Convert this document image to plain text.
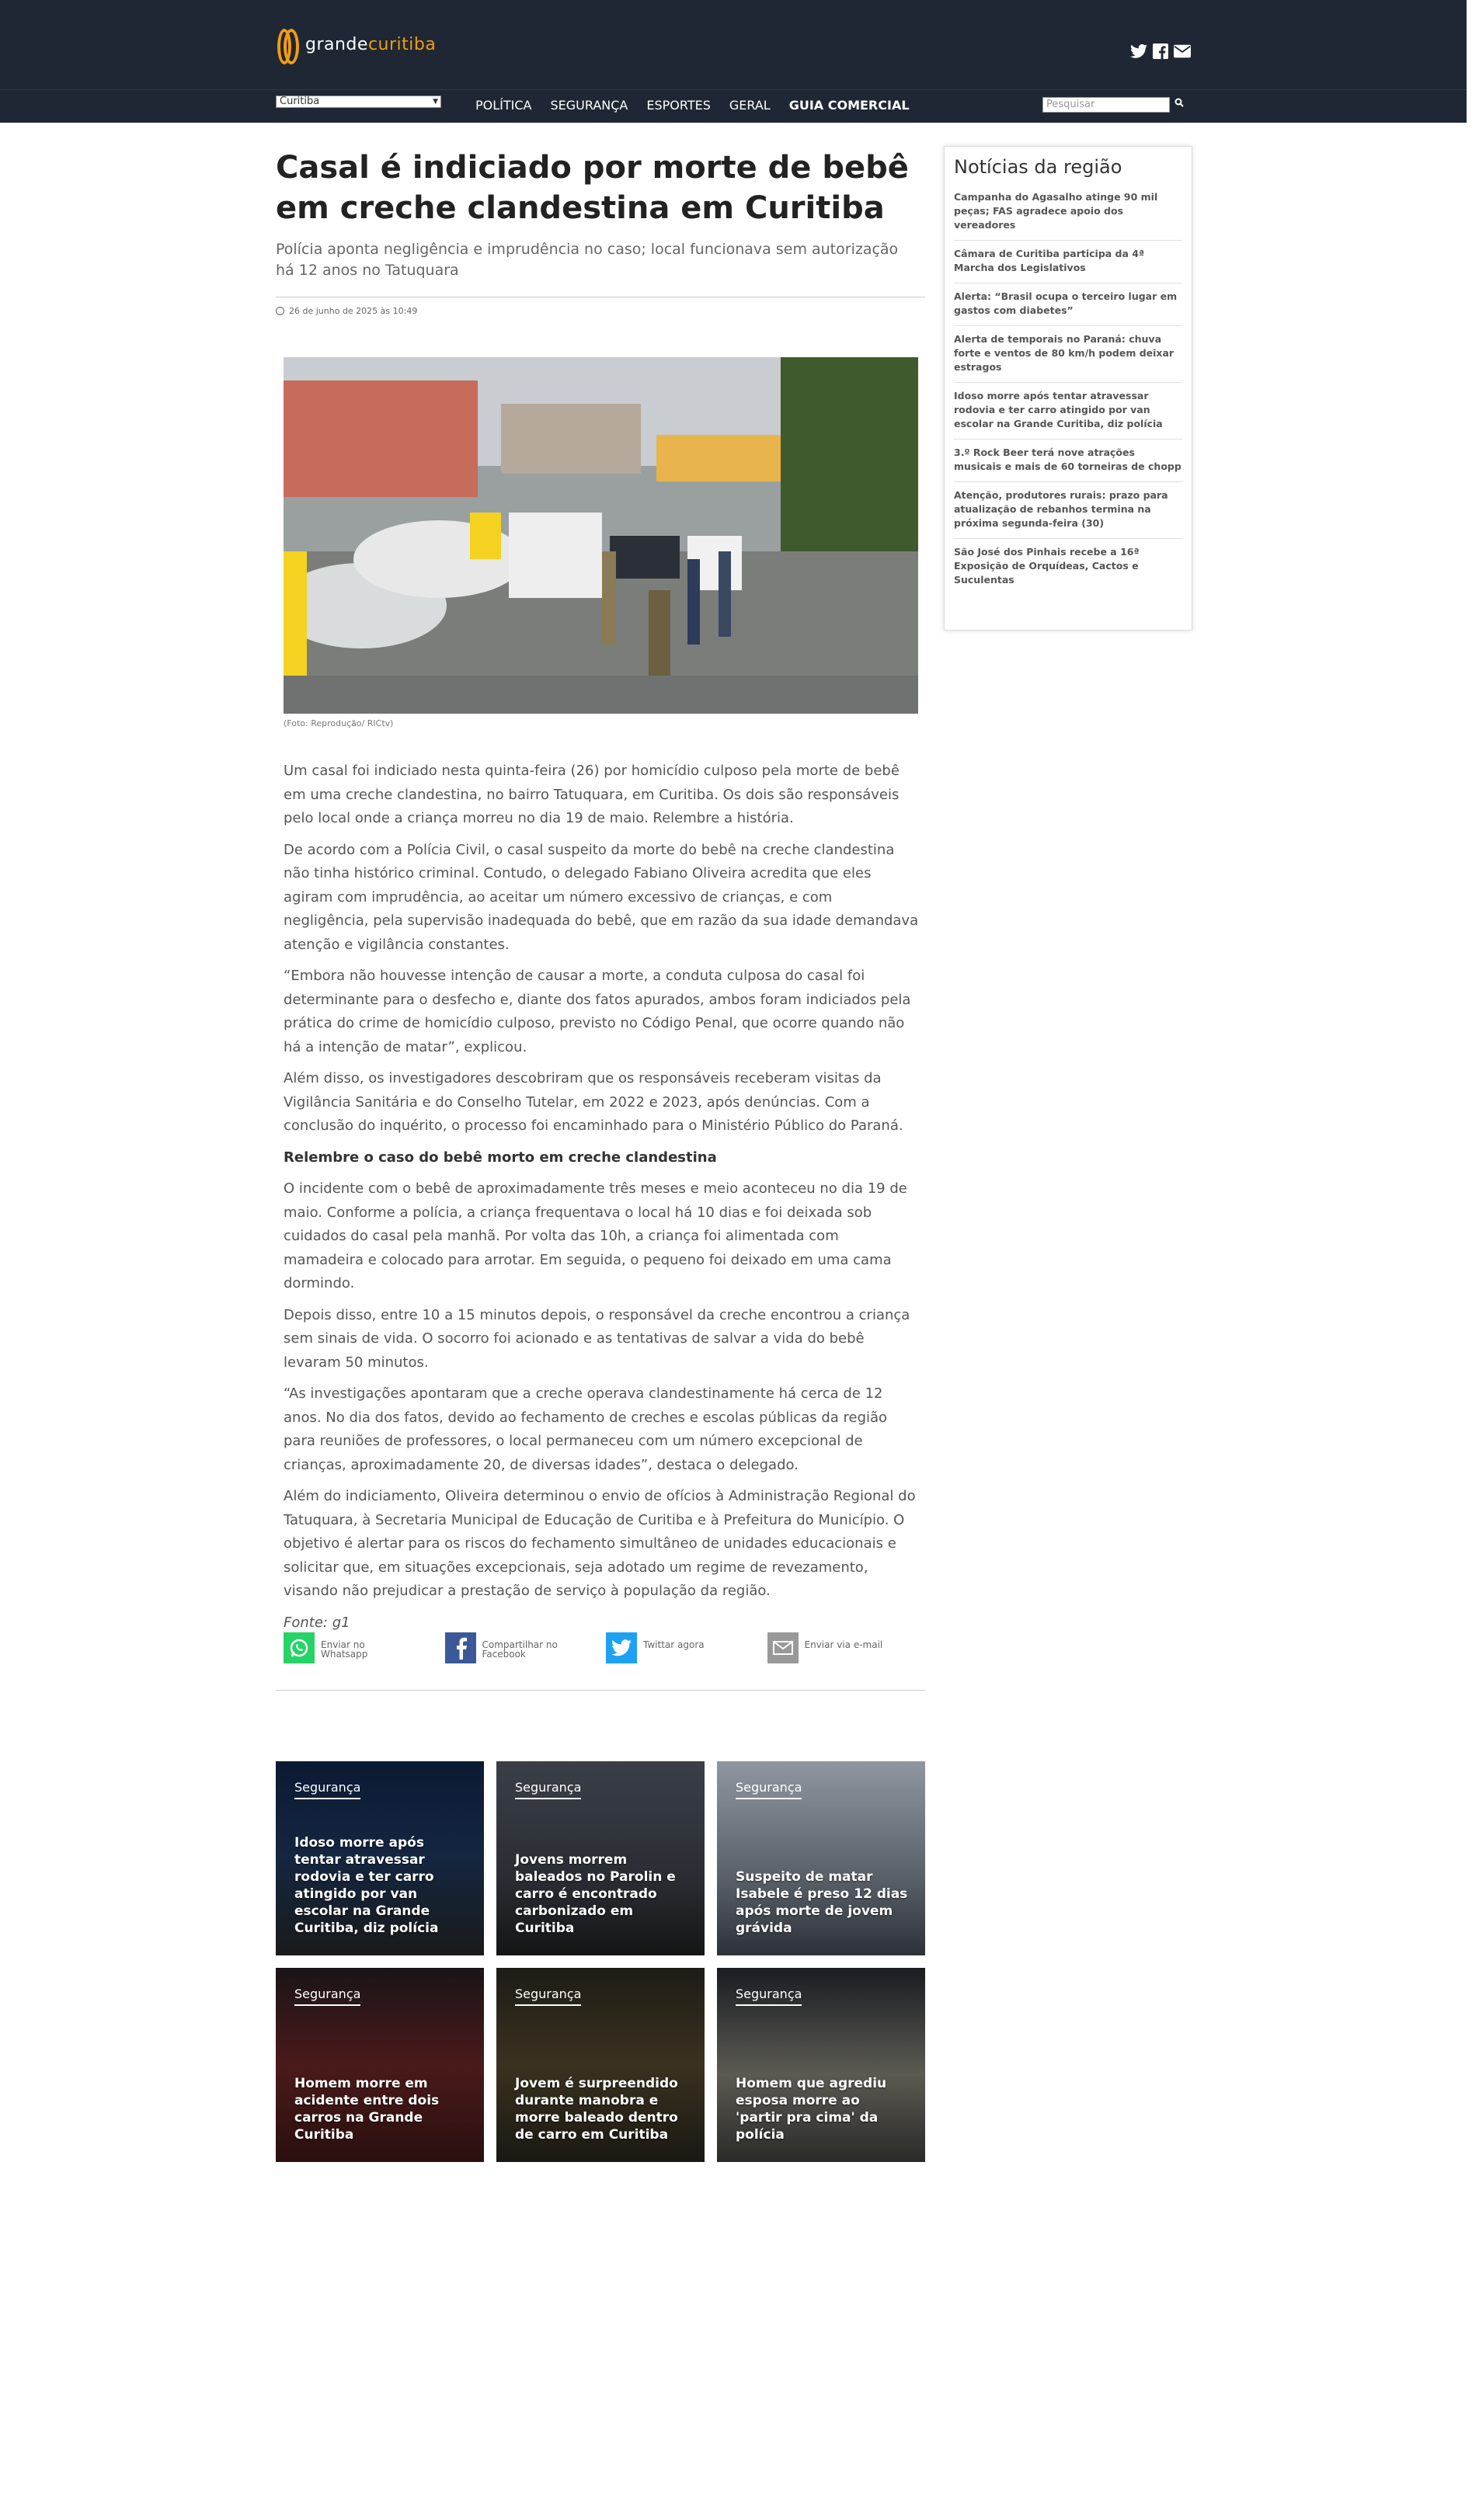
grandecuritiba
Curitiba	▼	POLÍTICA SEGURANÇA ESPORTES GERAL GUIA COMERCIAL	Pesquisar
Casal é indiciado por morte de bebê em creche clandestina em Curitiba
Polícia aponta negligência e imprudência no caso; local funcionava sem autorização há 12 anos no Tatuquara
26 de junho de 2025 às 10:49
(Foto: Reprodução/ RICtv)

Um casal foi indiciado nesta quinta-feira (26) por homicídio culposo pela morte de bebê em uma creche clandestina, no bairro Tatuquara, em Curitiba. Os dois são responsáveis pelo local onde a criança morreu no dia 19 de maio. Relembre a história.

De acordo com a Polícia Civil, o casal suspeito da morte do bebê na creche clandestina não tinha histórico criminal. Contudo, o delegado Fabiano Oliveira acredita que eles agiram com imprudência, ao aceitar um número excessivo de crianças, e com negligência, pela supervisão inadequada do bebê, que em razão da sua idade demandava atenção e vigilância constantes.

“Embora não houvesse intenção de causar a morte, a conduta culposa do casal foi determinante para o desfecho e, diante dos fatos apurados, ambos foram indiciados pela prática do crime de homicídio culposo, previsto no Código Penal, que ocorre quando não há a intenção de matar”, explicou.

Além disso, os investigadores descobriram que os responsáveis receberam visitas da Vigilância Sanitária e do Conselho Tutelar, em 2022 e 2023, após denúncias. Com a conclusão do inquérito, o processo foi encaminhado para o Ministério Público do Paraná.

Relembre o caso do bebê morto em creche clandestina

O incidente com o bebê de aproximadamente três meses e meio aconteceu no dia 19 de maio. Conforme a polícia, a criança frequentava o local há 10 dias e foi deixada sob cuidados do casal pela manhã. Por volta das 10h, a criança foi alimentada com mamadeira e colocado para arrotar. Em seguida, o pequeno foi deixado em uma cama dormindo.

Depois disso, entre 10 a 15 minutos depois, o responsável da creche encontrou a criança sem sinais de vida. O socorro foi acionado e as tentativas de salvar a vida do bebê levaram 50 minutos.

“As investigações apontaram que a creche operava clandestinamente há cerca de 12 anos. No dia dos fatos, devido ao fechamento de creches e escolas públicas da região para reuniões de professores, o local permaneceu com um número excepcional de crianças, aproximadamente 20, de diversas idades”, destaca o delegado.

Além do indiciamento, Oliveira determinou o envio de ofícios à Administração Regional do Tatuquara, à Secretaria Municipal de Educação de Curitiba e à Prefeitura do Município. O objetivo é alertar para os riscos do fechamento simultâneo de unidades educacionais e solicitar que, em situações excepcionais, seja adotado um regime de revezamento, visando não prejudicar a prestação de serviço à população da região.

Fonte: g1

Enviar no Whatsapp
Compartilhar no Facebook
Twittar agora	Enviar via e-mail
Segurança
Idoso morre após tentar atravessar rodovia e ter carro atingido por van escolar na Grande Curitiba, diz polícia
Segurança
Jovens morrem baleados no Parolin e carro é encontrado carbonizado em Curitiba
Segurança
Suspeito de matar Isabele é preso 12 dias após morte de jovem grávida
Segurança
Homem morre em acidente entre dois carros na Grande Curitiba
Segurança
Jovem é surpreendido durante manobra e morre baleado dentro de carro em Curitiba
Segurança
Homem que agrediu esposa morre ao 'partir pra cima' da polícia
Notícias da região
Campanha do Agasalho atinge 90 mil peças; FAS agradece apoio dos vereadores
Câmara de Curitiba participa da 4ª Marcha dos Legislativos
Alerta: “Brasil ocupa o terceiro lugar em gastos com diabetes”
Alerta de temporais no Paraná: chuva forte e ventos de 80 km/h podem deixar estragos
Idoso morre após tentar atravessar rodovia e ter carro atingido por van escolar na Grande Curitiba, diz polícia
3.º Rock Beer terá nove atrações musicais e mais de 60 torneiras de chopp
Atenção, produtores rurais: prazo para atualização de rebanhos termina na próxima segunda-feira (30)
São José dos Pinhais recebe a 16ª Exposição de Orquídeas, Cactos e Suculentas
